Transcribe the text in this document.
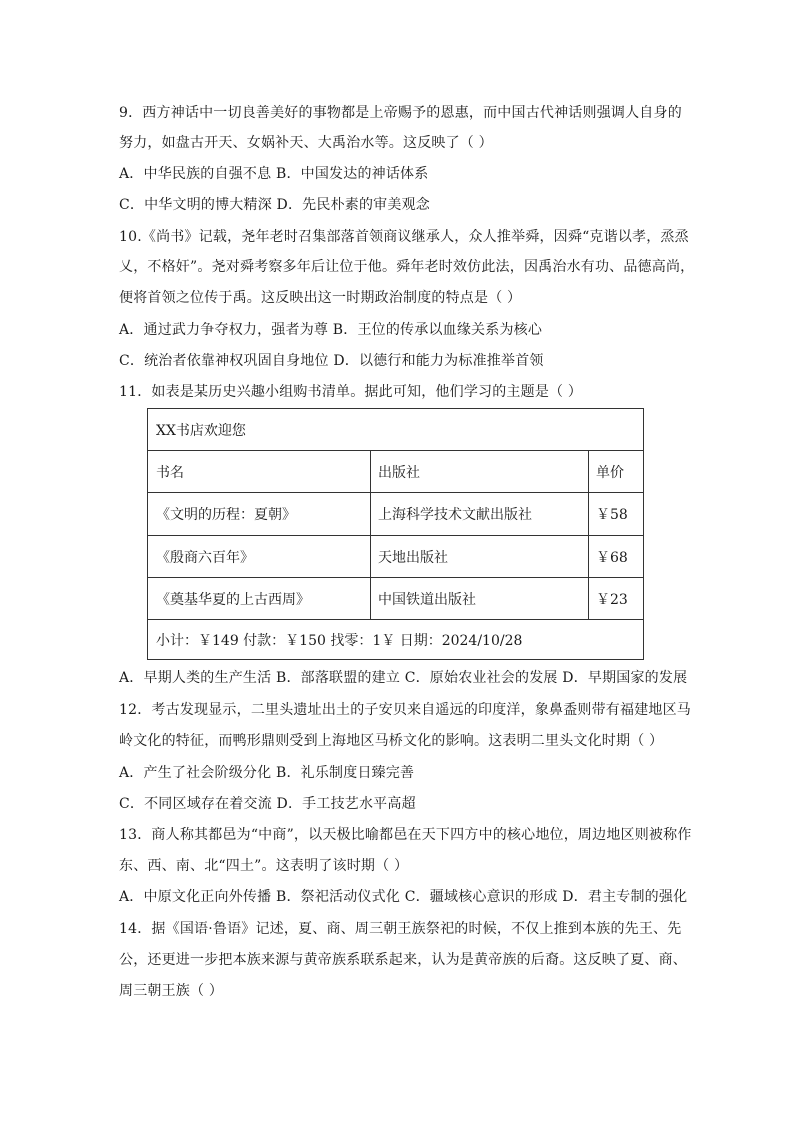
9．西方神话中一切良善美好的事物都是上帝赐予的恩惠，而中国古代神话则强调人自身的
努力，如盘古开天、女娲补天、大禹治水等。这反映了（ ）
A．中华民族的自强不息 B．中国发达的神话体系
C．中华文明的博大精深 D．先民朴素的审美观念
10.《尚书》记载，尧年老时召集部落首领商议继承人，众人推举舜，因舜“克谐以孝，烝烝
乂，不格奸”。尧对舜考察多年后让位于他。舜年老时效仿此法，因禹治水有功、品德高尚，
便将首领之位传于禹。这反映出这一时期政治制度的特点是（ ）
A．通过武力争夺权力，强者为尊 B．王位的传承以血缘关系为核心
C．统治者依靠神权巩固自身地位 D．以德行和能力为标准推举首领
11．如表是某历史兴趣小组购书清单。据此可知，他们学习的主题是（ ）
XX书店欢迎您
书名	出版社	单价
《文明的历程：夏朝》	上海科学技术文献出版社	￥58
《殷商六百年》	天地出版社	￥68
《奠基华夏的上古西周》	中国铁道出版社	￥23
小计：￥149 付款：￥150 找零：1￥ 日期：2024/10/28
A．早期人类的生产生活 B．部落联盟的建立 C．原始农业社会的发展 D．早期国家的发展
12．考古发现显示，二里头遗址出土的子安贝来自遥远的印度洋，象鼻盉则带有福建地区马
岭文化的特征，而鸭形鼎则受到上海地区马桥文化的影响。这表明二里头文化时期（ ）
A．产生了社会阶级分化 B．礼乐制度日臻完善
C．不同区域存在着交流 D．手工技艺水平高超
13．商人称其都邑为“中商”，以天极比喻都邑在天下四方中的核心地位，周边地区则被称作
东、西、南、北“四土”。这表明了该时期（ ）
A．中原文化正向外传播 B．祭祀活动仪式化 C．疆域核心意识的形成 D．君主专制的强化
14．据《国语·鲁语》记述，夏、商、周三朝王族祭祀的时候，不仅上推到本族的先王、先
公，还更进一步把本族来源与黄帝族系联系起来，认为是黄帝族的后裔。这反映了夏、商、
周三朝王族（ ）
